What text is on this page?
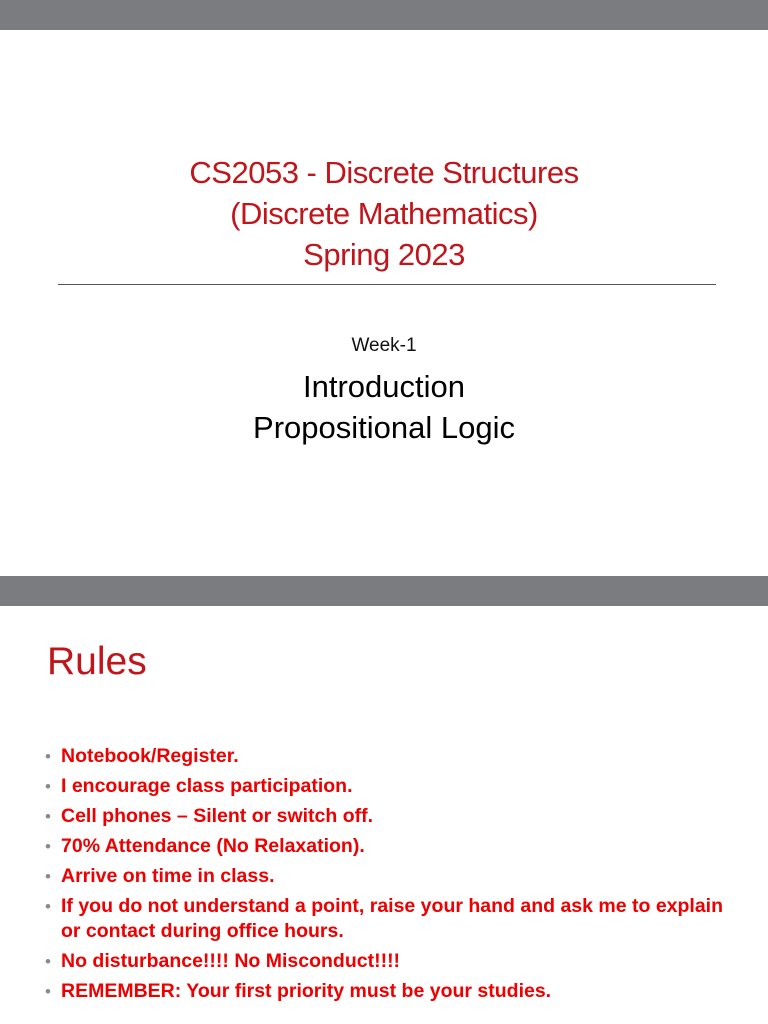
CS2053 - Discrete Structures
(Discrete Mathematics)
Spring 2023
Week-1
Introduction
Propositional Logic
Rules
• Notebook/Register.
• I encourage class participation.
• Cell phones – Silent or switch off.
• 70% Attendance (No Relaxation).
• Arrive on time in class.
• If you do not understand a point, raise your hand and ask me to explain or contact during office hours.
• No disturbance!!!! No Misconduct!!!!
• REMEMBER: Your first priority must be your studies.
